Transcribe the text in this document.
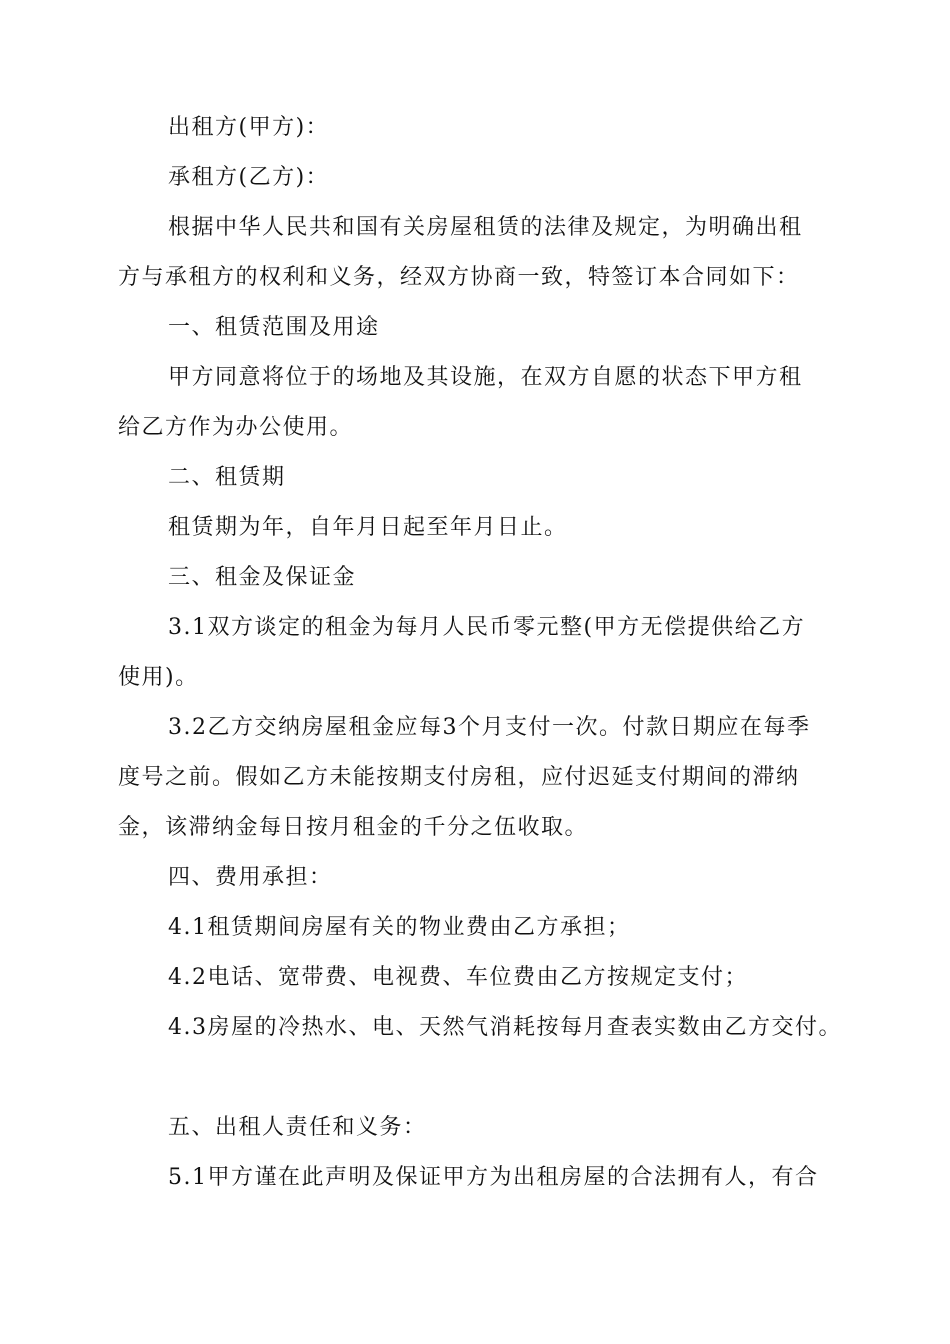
出租方(甲方)：
承租方(乙方)：
根据中华人民共和国有关房屋租赁的法律及规定，为明确出租
方与承租方的权利和义务，经双方协商一致，特签订本合同如下：
一、租赁范围及用途
甲方同意将位于的场地及其设施，在双方自愿的状态下甲方租
给乙方作为办公使用。
二、租赁期
租赁期为年，自年月日起至年月日止。
三、租金及保证金
3.1双方谈定的租金为每月人民币零元整(甲方无偿提供给乙方
使用)。
3.2乙方交纳房屋租金应每3个月支付一次。付款日期应在每季
度号之前。假如乙方未能按期支付房租，应付迟延支付期间的滞纳
金，该滞纳金每日按月租金的千分之伍收取。
四、费用承担：
4.1租赁期间房屋有关的物业费由乙方承担；
4.2电话、宽带费、电视费、车位费由乙方按规定支付；
4.3房屋的冷热水、电、天然气消耗按每月查表实数由乙方交付。
五、出租人责任和义务：
5.1甲方谨在此声明及保证甲方为出租房屋的合法拥有人，有合
